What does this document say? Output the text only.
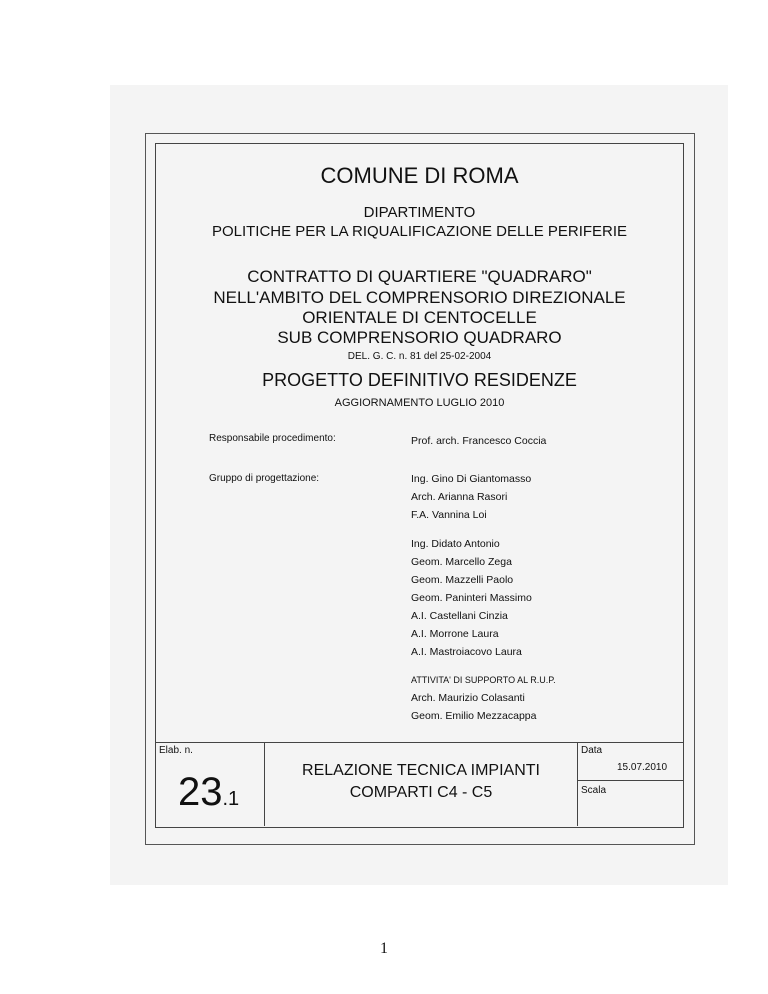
COMUNE DI ROMA
DIPARTIMENTO
POLITICHE PER LA RIQUALIFICAZIONE DELLE PERIFERIE
CONTRATTO DI QUARTIERE "QUADRARO"
NELL'AMBITO DEL COMPRENSORIO DIREZIONALE
ORIENTALE DI CENTOCELLE
SUB COMPRENSORIO QUADRARO
DEL. G. C. n. 81 del 25-02-2004
PROGETTO DEFINITIVO RESIDENZE
AGGIORNAMENTO LUGLIO 2010
Responsabile procedimento:	Prof. arch. Francesco Coccia
Gruppo di progettazione:	Ing. Gino Di Giantomasso
Arch. Arianna Rasori
F.A. Vannina Loi
Ing. Didato Antonio
Geom. Marcello Zega
Geom. Mazzelli Paolo
Geom. Paninteri Massimo
A.I. Castellani Cinzia
A.I. Morrone Laura
A.I. Mastroiacovo Laura
ATTIVITA' DI SUPPORTO AL R.U.P.
Arch. Maurizio Colasanti
Geom. Emilio Mezzacappa
Elab. n.
23.1
RELAZIONE TECNICA IMPIANTI
COMPARTI C4 - C5
Data
15.07.2010
Scala
1
